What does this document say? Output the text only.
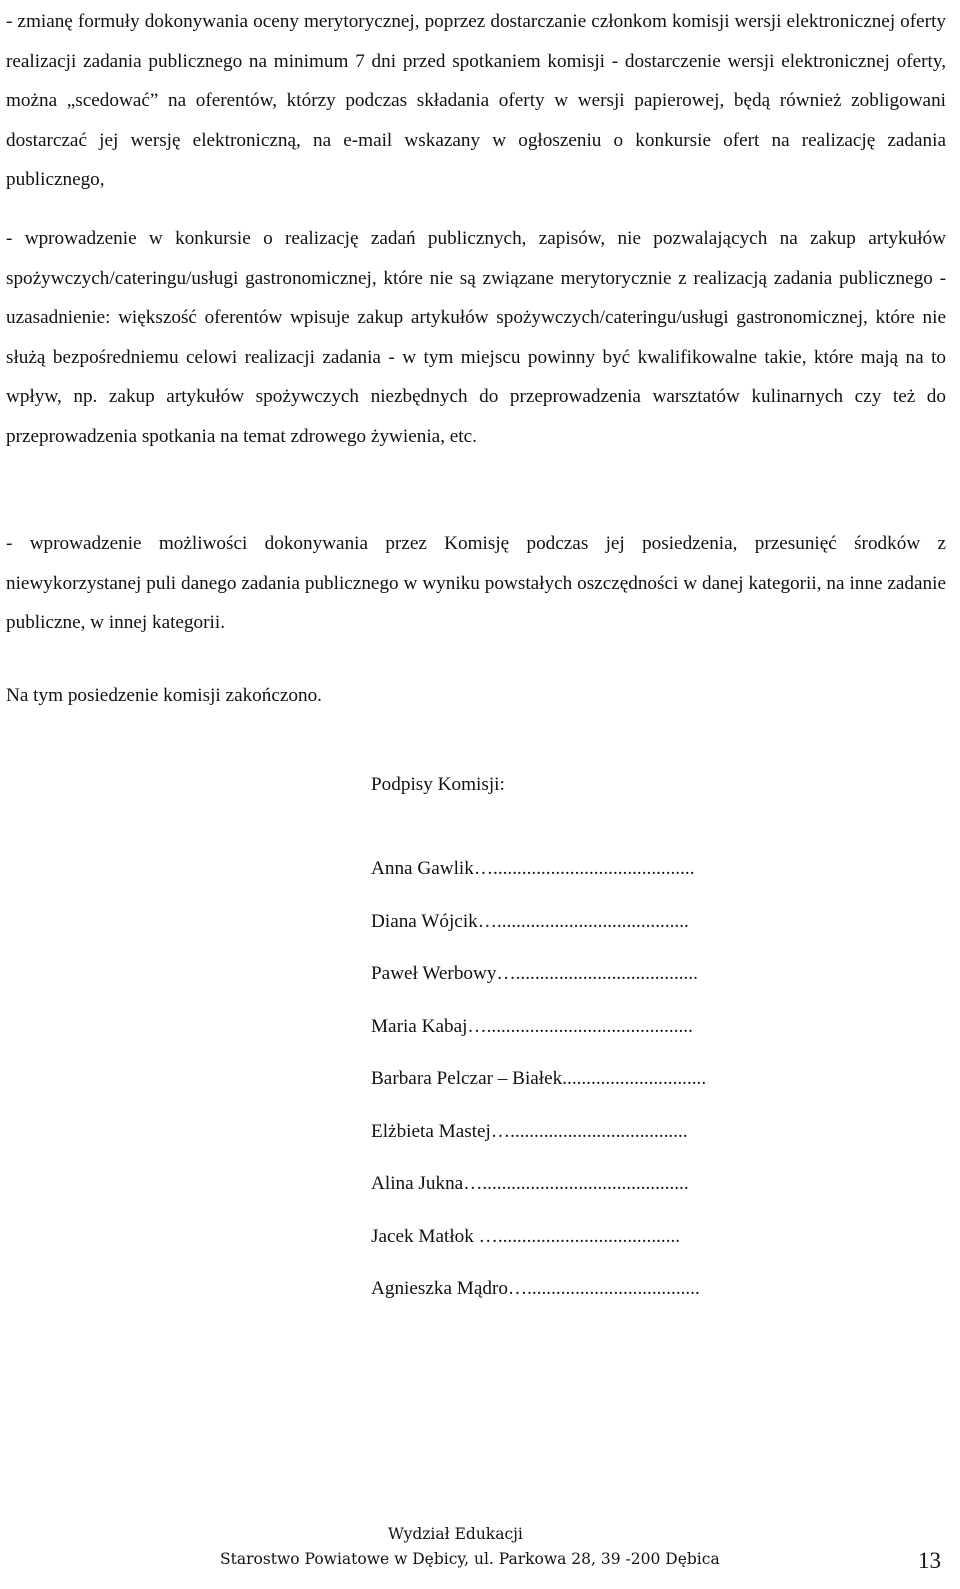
- zmianę formuły dokonywania oceny merytorycznej, poprzez dostarczanie członkom komisji wersji elektronicznej oferty realizacji zadania publicznego na minimum 7 dni przed spotkaniem komisji - dostarczenie wersji elektronicznej oferty, można „scedować” na oferentów, którzy podczas składania oferty w wersji papierowej, będą również zobligowani dostarczać jej wersję elektroniczną, na e-mail wskazany w ogłoszeniu o konkursie ofert na realizację zadania publicznego,

- wprowadzenie w konkursie o realizację zadań publicznych, zapisów, nie pozwalających na zakup artykułów spożywczych/cateringu/usługi gastronomicznej, które nie są związane merytorycznie z realizacją zadania publicznego - uzasadnienie: większość oferentów wpisuje zakup artykułów spożywczych/cateringu/usługi gastronomicznej, które nie służą bezpośredniemu celowi realizacji zadania - w tym miejscu powinny być kwalifikowalne takie, które mają na to wpływ, np. zakup artykułów spożywczych niezbędnych do przeprowadzenia warsztatów kulinarnych czy też do przeprowadzenia spotkania na temat zdrowego żywienia, etc.

- wprowadzenie możliwości dokonywania przez Komisję podczas jej posiedzenia, przesunięć środków z niewykorzystanej puli danego zadania publicznego w wyniku powstałych oszczędności w danej kategorii, na inne zadanie publiczne, w innej kategorii.

Na tym posiedzenie komisji zakończono.

Podpisy Komisji:
Anna Gawlik…..........................................
Diana Wójcik…........................................
Paweł Werbowy…......................................
Maria Kabaj…...........................................
Barbara Pelczar – Białek..............................
Elżbieta Mastej….....................................
Alina Jukna…...........................................
Jacek Matłok …......................................
Agnieszka Mądro…....................................
Wydział Edukacji
Starostwo Powiatowe w Dębicy, ul. Parkowa 28, 39 -200 Dębica	13
